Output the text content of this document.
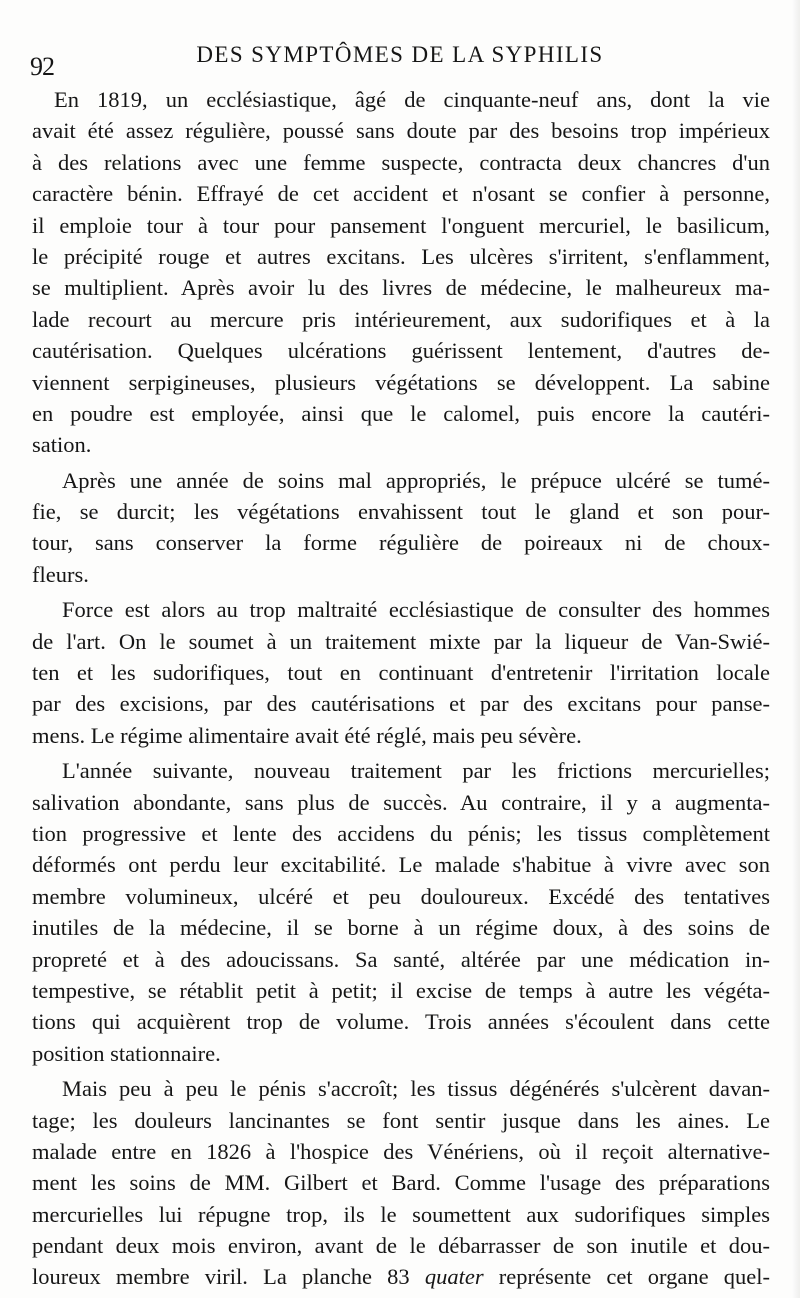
92	DES SYMPTÔMES DE LA SYPHILIS
En 1819, un ecclésiastique, âgé de cinquante-neuf ans, dont la vie
avait été assez régulière, poussé sans doute par des besoins trop impérieux
à des relations avec une femme suspecte, contracta deux chancres d'un
caractère bénin. Effrayé de cet accident et n'osant se confier à personne,
il emploie tour à tour pour pansement l'onguent mercuriel, le basilicum,
le précipité rouge et autres excitans. Les ulcères s'irritent, s'enflamment,
se multiplient. Après avoir lu des livres de médecine, le malheureux ma-
lade recourt au mercure pris intérieurement, aux sudorifiques et à la
cautérisation. Quelques ulcérations guérissent lentement, d'autres de-
viennent serpigineuses, plusieurs végétations se développent. La sabine
en poudre est employée, ainsi que le calomel, puis encore la cautéri-
sation.
Après une année de soins mal appropriés, le prépuce ulcéré se tumé-
fie, se durcit; les végétations envahissent tout le gland et son pour-
tour, sans conserver la forme régulière de poireaux ni de choux-
fleurs.
Force est alors au trop maltraité ecclésiastique de consulter des hommes
de l'art. On le soumet à un traitement mixte par la liqueur de Van-Swié-
ten et les sudorifiques, tout en continuant d'entretenir l'irritation locale
par des excisions, par des cautérisations et par des excitans pour panse-
mens. Le régime alimentaire avait été réglé, mais peu sévère.
L'année suivante, nouveau traitement par les frictions mercurielles;
salivation abondante, sans plus de succès. Au contraire, il y a augmenta-
tion progressive et lente des accidens du pénis; les tissus complètement
déformés ont perdu leur excitabilité. Le malade s'habitue à vivre avec son
membre volumineux, ulcéré et peu douloureux. Excédé des tentatives
inutiles de la médecine, il se borne à un régime doux, à des soins de
propreté et à des adoucissans. Sa santé, altérée par une médication in-
tempestive, se rétablit petit à petit; il excise de temps à autre les végéta-
tions qui acquièrent trop de volume. Trois années s'écoulent dans cette
position stationnaire.
Mais peu à peu le pénis s'accroît; les tissus dégénérés s'ulcèrent davan-
tage; les douleurs lancinantes se font sentir jusque dans les aines. Le
malade entre en 1826 à l'hospice des Vénériens, où il reçoit alternative-
ment les soins de MM. Gilbert et Bard. Comme l'usage des préparations
mercurielles lui répugne trop, ils le soumettent aux sudorifiques simples
pendant deux mois environ, avant de le débarrasser de son inutile et dou-
loureux membre viril. La planche 83 quater représente cet organe quel-
